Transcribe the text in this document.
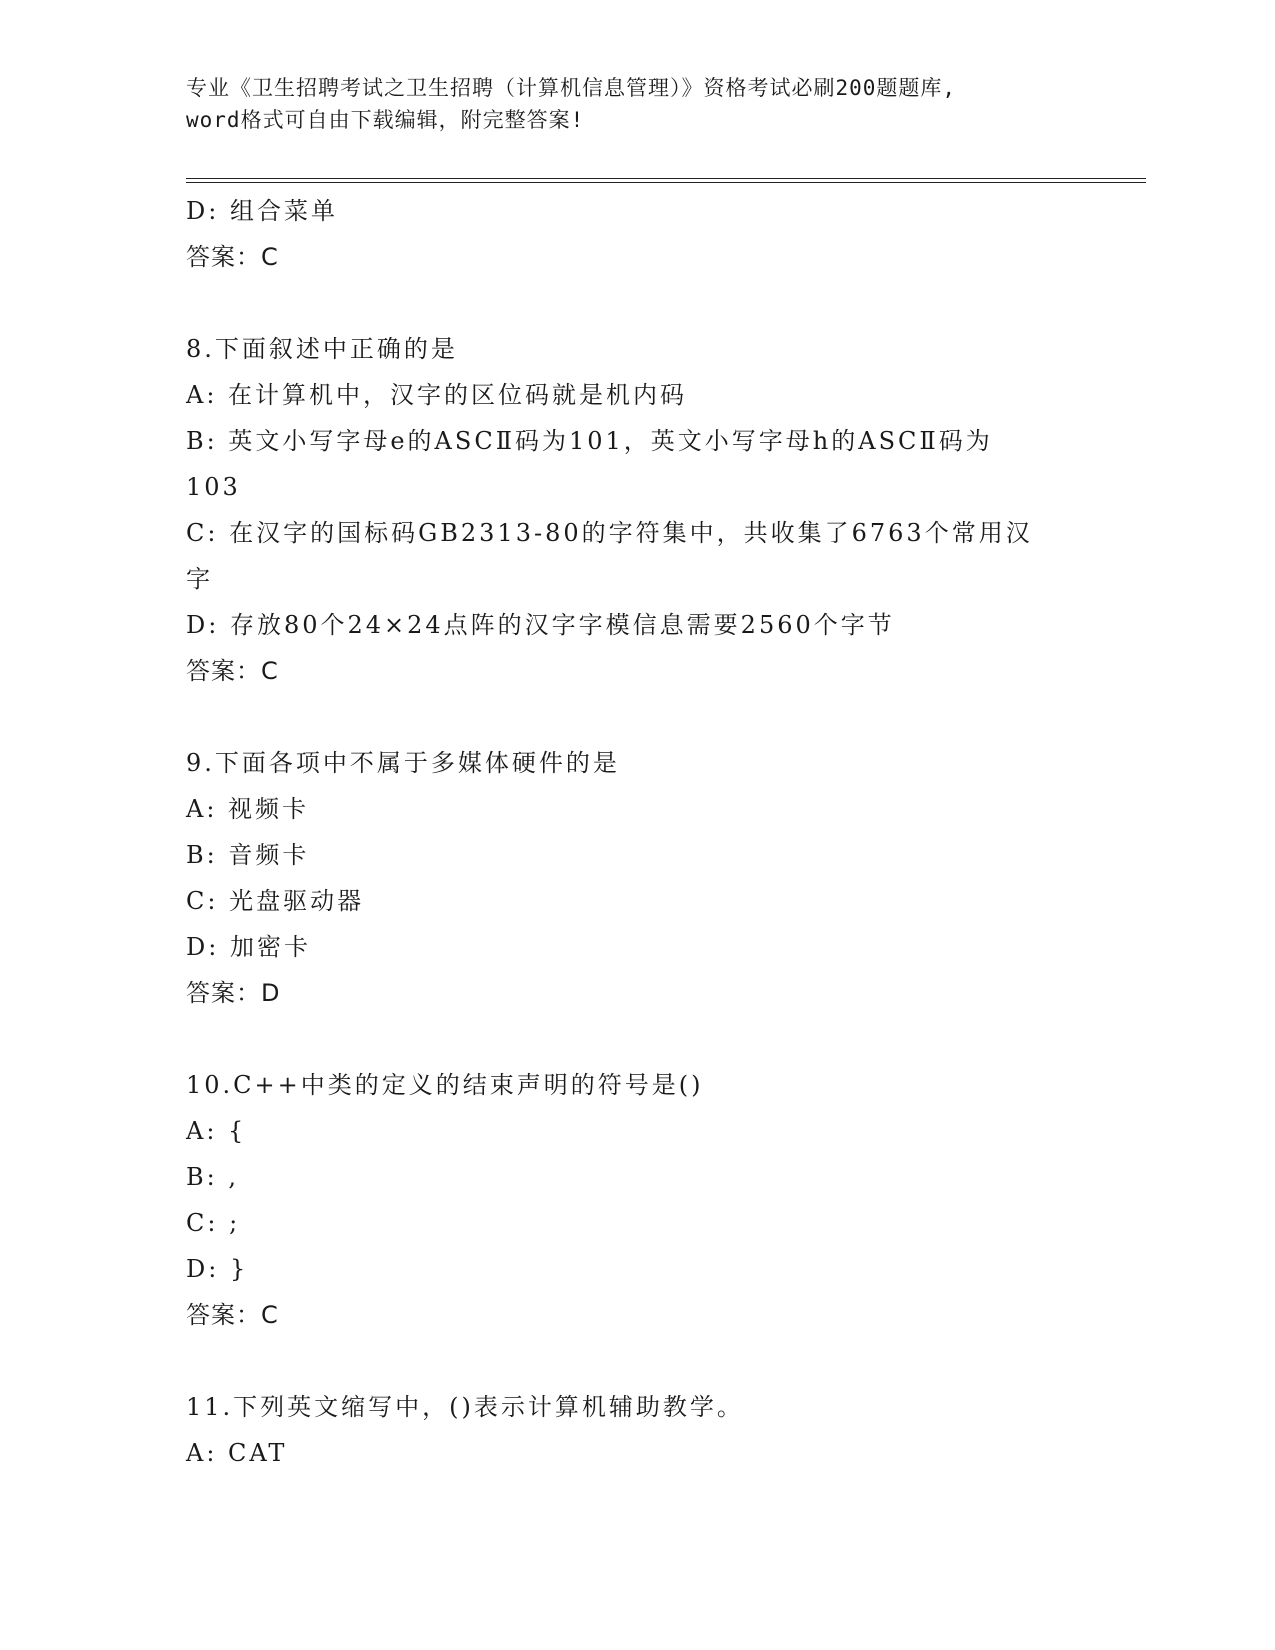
专业《卫生招聘考试之卫生招聘（计算机信息管理）》资格考试必刷200题题库,
word格式可自由下载编辑，附完整答案!
D: 组合菜单
答案：C
8.下面叙述中正确的是
A: 在计算机中，汉字的区位码就是机内码
B: 英文小写字母e的ASCⅡ码为101，英文小写字母h的ASCⅡ码为
103
C: 在汉字的国标码GB2313-80的字符集中，共收集了6763个常用汉
字
D: 存放80个24×24点阵的汉字字模信息需要2560个字节
答案：C
9.下面各项中不属于多媒体硬件的是
A: 视频卡
B: 音频卡
C: 光盘驱动器
D: 加密卡
答案：D
10.C++中类的定义的结束声明的符号是()
A: {
B: ,
C: ;
D: }
答案：C
11.下列英文缩写中，()表示计算机辅助教学。
A: CAT
